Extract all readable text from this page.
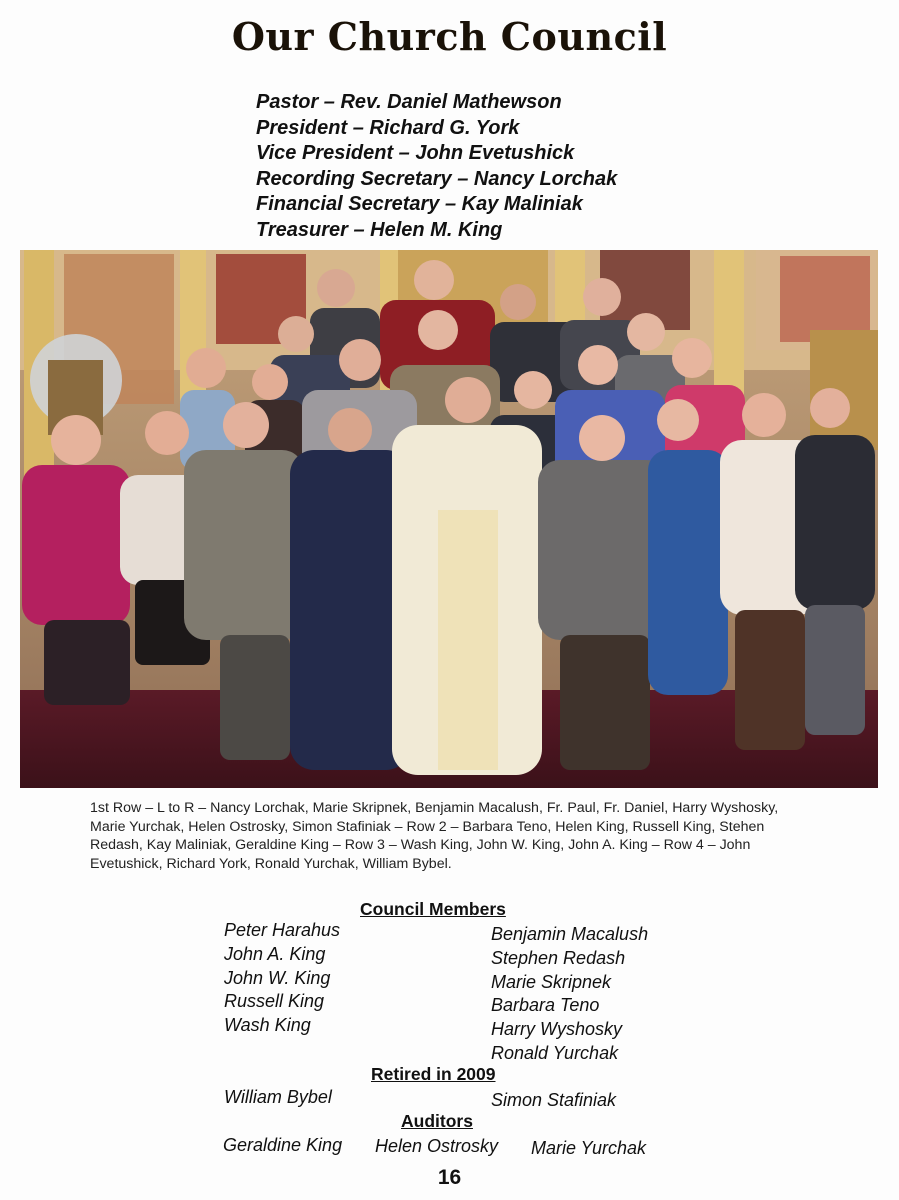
Our Church Council
Pastor – Rev. Daniel Mathewson
President – Richard G. York
Vice President – John Evetushick
Recording Secretary – Nancy Lorchak
Financial Secretary – Kay Maliniak
Treasurer – Helen M. King
1st Row – L to R – Nancy Lorchak, Marie Skripnek, Benjamin Macalush, Fr. Paul, Fr. Daniel, Harry Wyshosky, Marie Yurchak, Helen Ostrosky, Simon Stafiniak – Row 2 – Barbara Teno, Helen King, Russell King, Stehen Redash, Kay Maliniak, Geraldine King – Row 3 – Wash King, John W. King, John A. King – Row 4 – John Evetushick, Richard York, Ronald Yurchak, William Bybel.
Council Members
Peter Harahus
John A. King
John W. King
Russell King
Wash King
Benjamin Macalush
Stephen Redash
Marie Skripnek
Barbara Teno
Harry Wyshosky
Ronald Yurchak
Retired in 2009
William Bybel	Simon Stafiniak
Auditors
Geraldine King Helen Ostrosky Marie Yurchak
16
